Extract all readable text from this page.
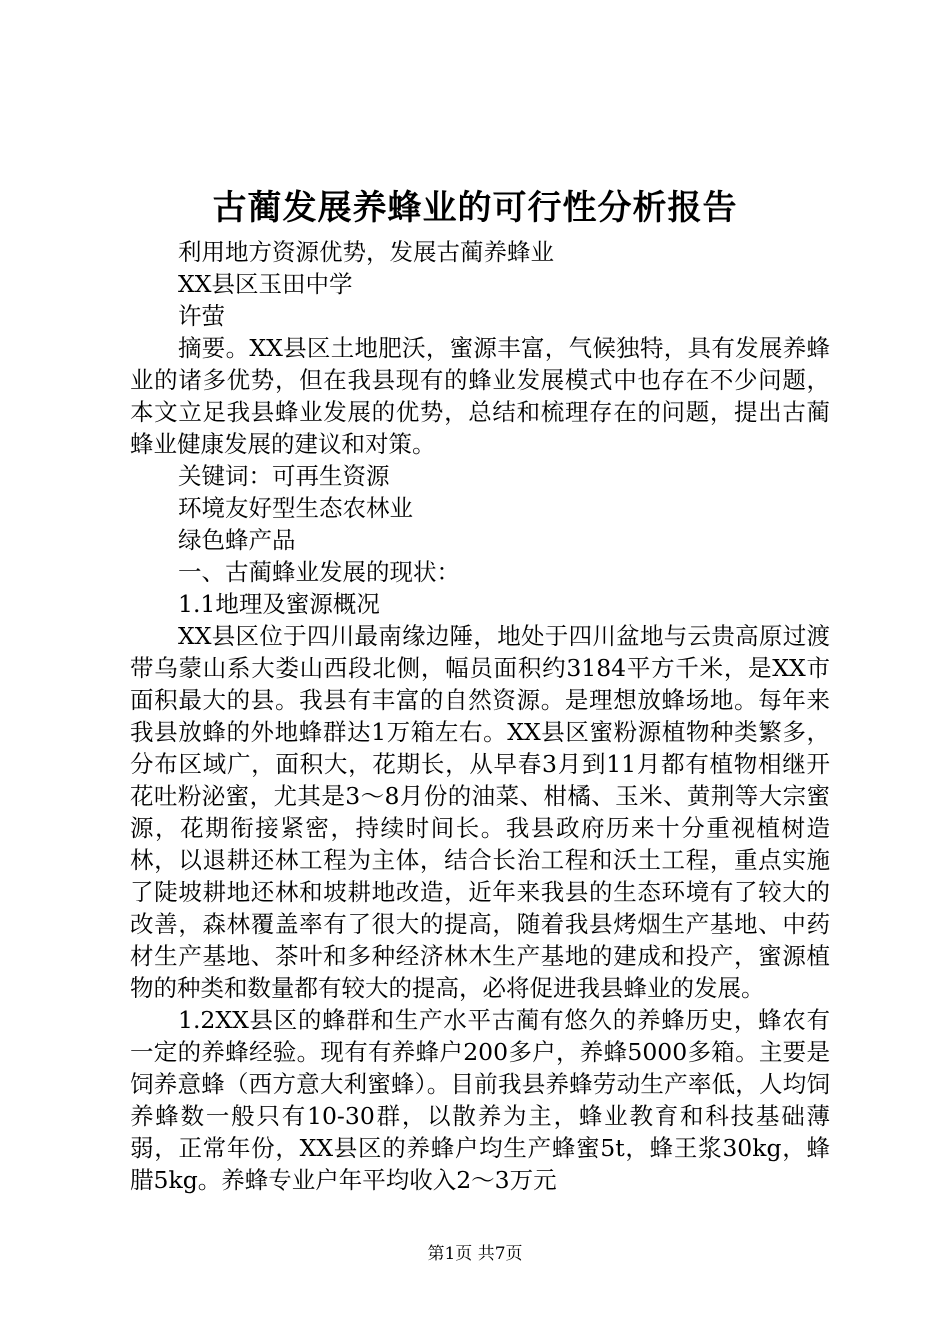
古蔺发展养蜂业的可行性分析报告

利用地方资源优势，发展古蔺养蜂业

XX县区玉田中学

许萤

摘要。XX县区土地肥沃，蜜源丰富，气候独特，具有发展养蜂业的诸多优势，但在我县现有的蜂业发展模式中也存在不少问题，本文立足我县蜂业发展的优势，总结和梳理存在的问题，提出古蔺蜂业健康发展的建议和对策。

关键词：可再生资源

环境友好型生态农林业

绿色蜂产品

一、古蔺蜂业发展的现状：

1.1地理及蜜源概况

XX县区位于四川最南缘边陲，地处于四川盆地与云贵高原过渡带乌蒙山系大娄山西段北侧，幅员面积约3184平方千米，是XX市面积最大的县。我县有丰富的自然资源。是理想放蜂场地。每年来我县放蜂的外地蜂群达1万箱左右。XX县区蜜粉源植物种类繁多，分布区域广，面积大，花期长，从早春3月到11月都有植物相继开花吐粉泌蜜，尤其是3～8月份的油菜、柑橘、玉米、黄荆等大宗蜜源，花期衔接紧密，持续时间长。我县政府历来十分重视植树造林，以退耕还林工程为主体，结合长治工程和沃土工程，重点实施了陡坡耕地还林和坡耕地改造，近年来我县的生态环境有了较大的改善，森林覆盖率有了很大的提高，随着我县烤烟生产基地、中药材生产基地、茶叶和多种经济林木生产基地的建成和投产，蜜源植物的种类和数量都有较大的提高，必将促进我县蜂业的发展。

1.2XX县区的蜂群和生产水平古蔺有悠久的养蜂历史，蜂农有一定的养蜂经验。现有有养蜂户200多户，养蜂5000多箱。主要是饲养意蜂（西方意大利蜜蜂）。目前我县养蜂劳动生产率低，人均饲养蜂数一般只有10-30群，以散养为主，蜂业教育和科技基础薄弱，正常年份，XX县区的养蜂户均生产蜂蜜5t，蜂王浆30kg，蜂腊5kg。养蜂专业户年平均收入2～3万元

第1页 共7页
